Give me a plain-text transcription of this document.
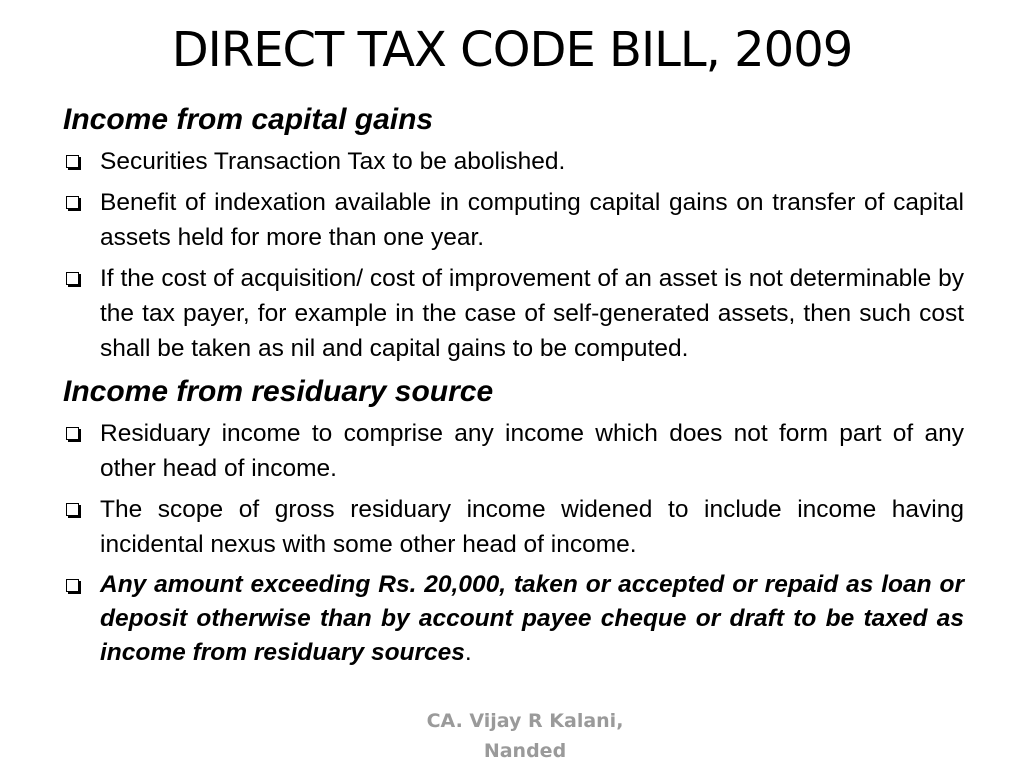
DIRECT TAX CODE BILL, 2009
Income from capital gains
Securities Transaction Tax to be abolished.
Benefit of indexation available in computing capital gains on transfer of capital assets held for more than one year.
If the cost of acquisition/ cost of improvement of an asset is not determinable by the tax payer, for example in the case of self-generated assets, then such cost shall be taken as nil and capital gains to be computed.
Income from residuary source
Residuary income to comprise any income which does not form part of any other head of income.
The scope of gross residuary income widened to include income having incidental nexus with some other head of income.
Any amount exceeding Rs. 20,000, taken or accepted or repaid as loan or deposit otherwise than by account payee cheque or draft to be taxed as income from residuary sources.
CA. Vijay R Kalani,
Nanded
